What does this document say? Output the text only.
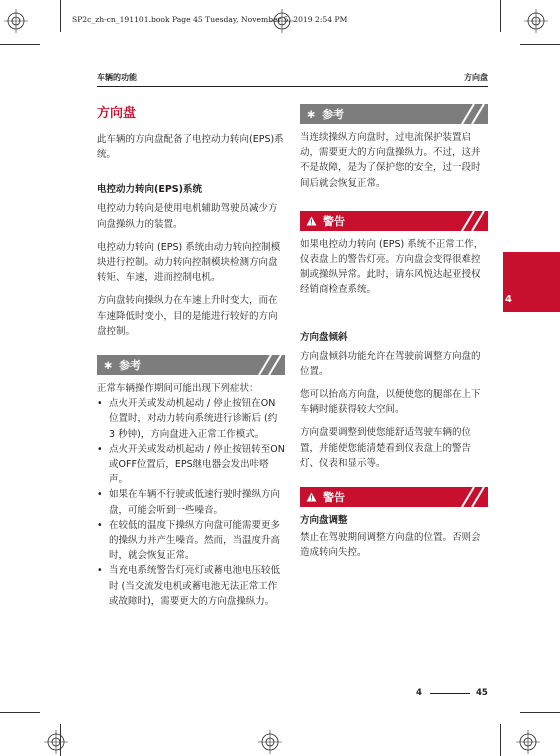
SP2c_zh-cn_191101.book Page 45 Tuesday, November 5, 2019 2:54 PM
车辆的功能	方向盘
方向盘

此车辆的方向盘配备了电控动力转向(EPS)系统。

电控动力转向(EPS)系统

电控动力转向是使用电机辅助驾驶员减少方向盘操纵力的装置。

电控动力转向 (EPS) 系统由动力转向控制模块进行控制。动力转向控制模块检测方向盘转矩、车速，进而控制电机。

方向盘转向操纵力在车速上升时变大，而在车速降低时变小，目的是能进行较好的方向盘控制。

∗ 参考

正常车辆操作期间可能出现下列症状：

• 点火开关或发动机起动 / 停止按钮在ON 位置时，对动力转向系统进行诊断后 (约 3 秒钟)，方向盘进入正常工作模式。
• 点火开关或发动机起动 / 停止按钮转至ON或OFF位置后，EPS继电器会发出咔嗒声。
• 如果在车辆不行驶或低速行驶时操纵方向盘，可能会听到一些噪音。
• 在较低的温度下操纵方向盘可能需要更多的操纵力并产生噪音。然而，当温度升高时，就会恢复正常。
• 当充电系统警告灯亮灯或蓄电池电压较低时 (当交流发电机或蓄电池无法正常工作或故障时)，需要更大的方向盘操纵力。
∗ 参考

当连续操纵方向盘时，过电流保护装置启动，需要更大的方向盘操纵力。不过，这并不是故障，是为了保护您的安全，过一段时间后就会恢复正常。

警告

如果电控动力转向 (EPS) 系统不正常工作，仪表盘上的警告灯亮。方向盘会变得很难控制或操纵异常。此时，请东风悦达起亚授权经销商检查系统。

方向盘倾斜

方向盘倾斜功能允许在驾驶前调整方向盘的位置。

您可以抬高方向盘，以便使您的腿部在上下车辆时能获得较大空间。

方向盘要调整到使您能舒适驾驶车辆的位置，并能使您能清楚看到仪表盘上的警告灯、仪表和显示等。

警告
方向盘调整

禁止在驾驶期间调整方向盘的位置。否则会造成转向失控。

4
4	45
